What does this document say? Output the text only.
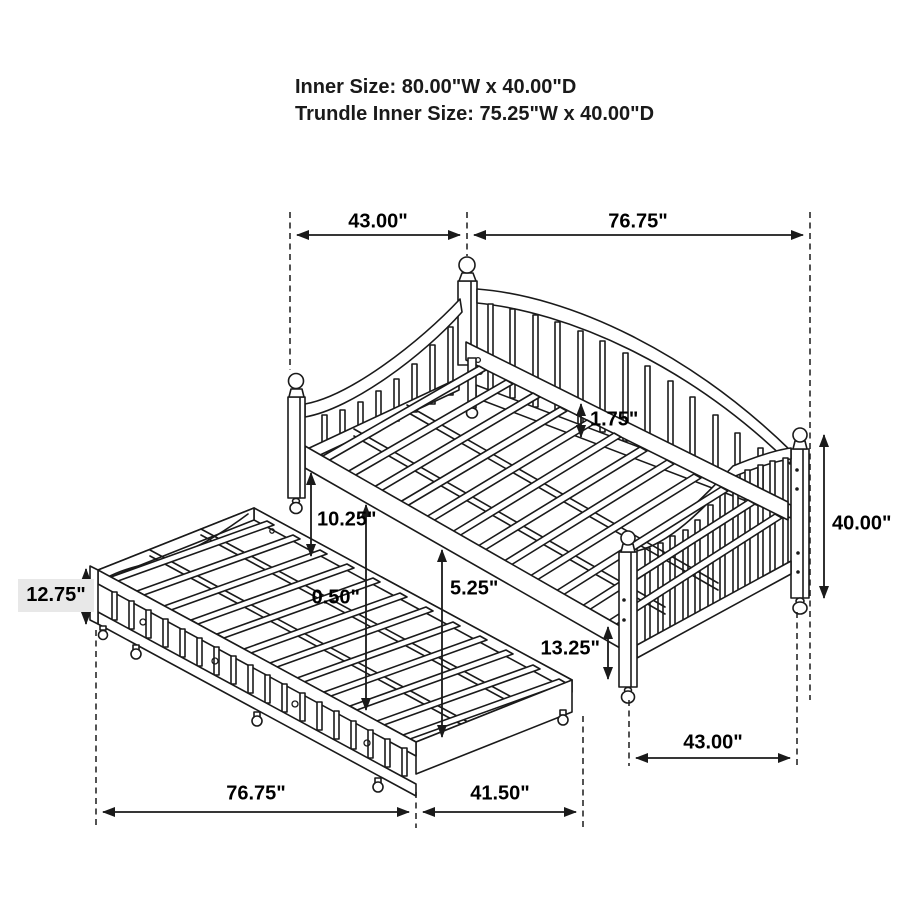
Inner Size: 80.00"W x 40.00"D
Trundle Inner Size: 75.25"W x 40.00"D
43.00"	76.75"
1.75"
40.00"
10.25"
0.50"	5.25"
13.25"
43.00"
12.75"
76.75"	41.50"
